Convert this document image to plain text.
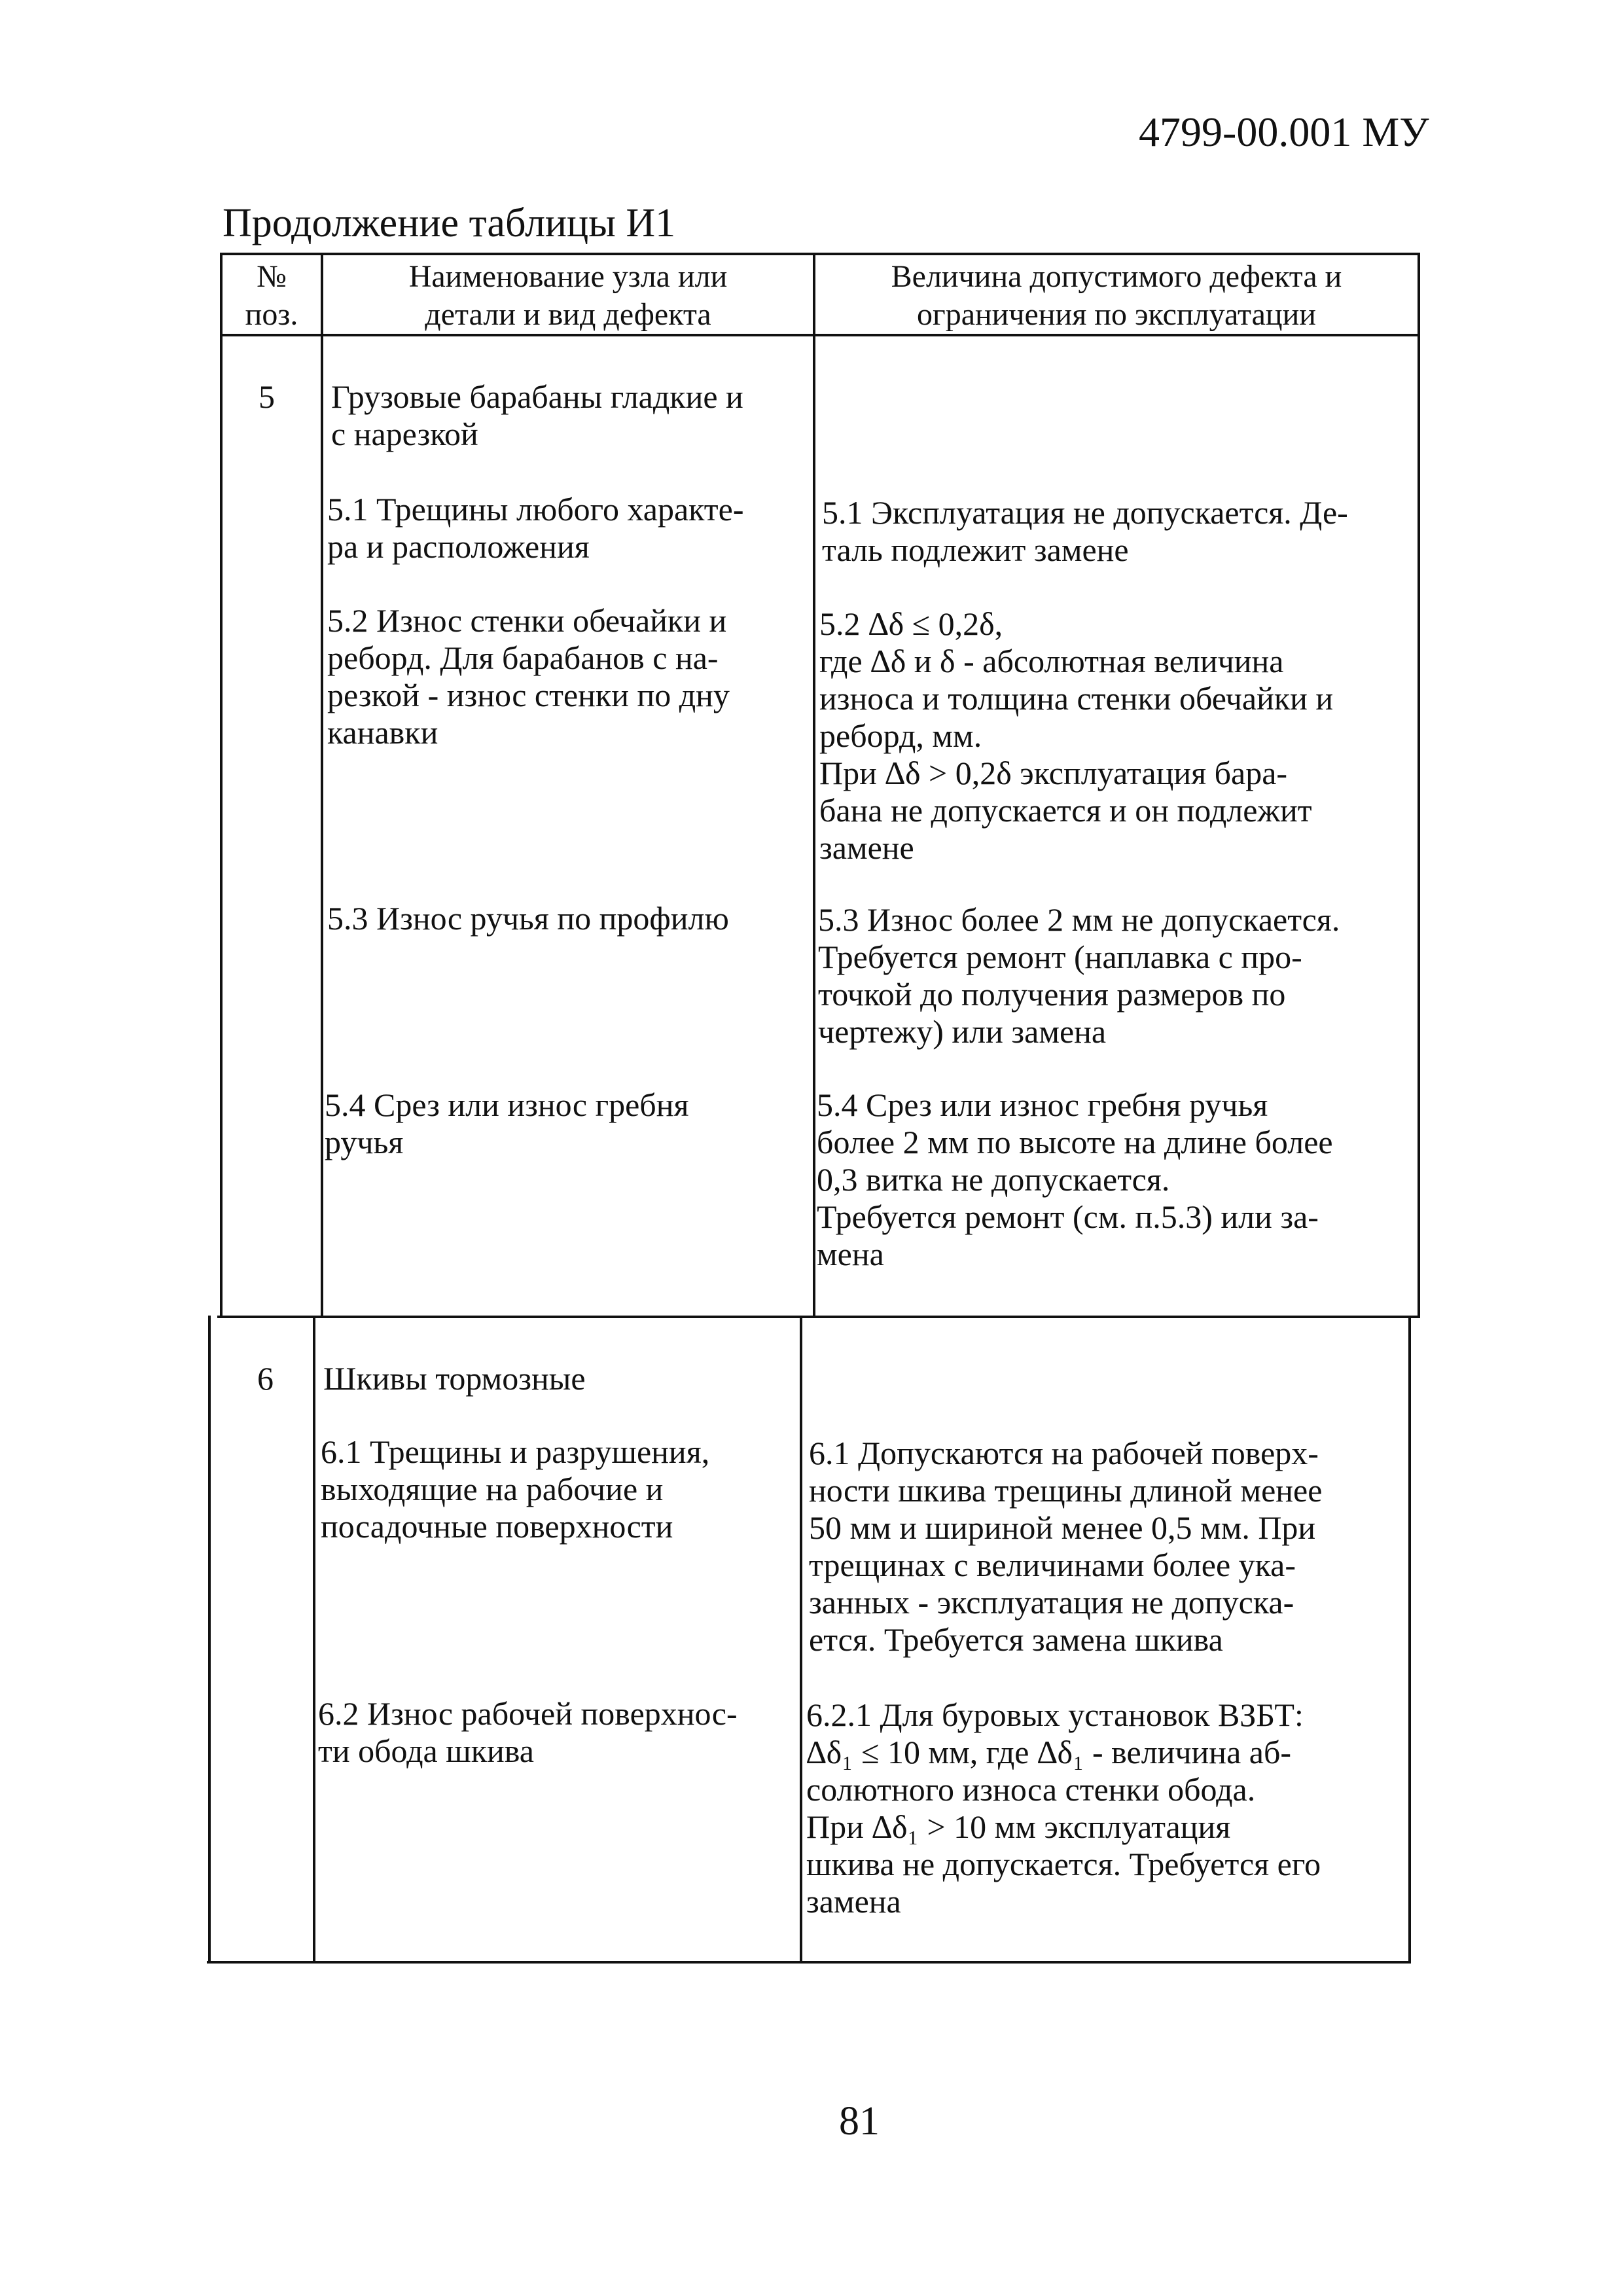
4799-00.001 МУ
Продолжение таблицы И1
№
поз.
Наименование узла или
детали и вид дефекта
Величина допустимого дефекта и
ограничения по эксплуатации
5 Грузовые барабаны гладкие и
с нарезкой
5.1 Трещины любого характе-
ра и расположения
5.1 Эксплуатация не допускается. Де-
таль подлежит замене
5.2 Износ стенки обечайки и
реборд. Для барабанов с на-
резкой - износ стенки по дну
канавки
5.2 ∆δ ≤ 0,2δ,
где ∆δ и δ - абсолютная величина
износа и толщина стенки обечайки и
реборд, мм.
При ∆δ > 0,2δ эксплуатация бара-
бана не допускается и он подлежит
замене
5.3 Износ ручья по профилю	5.3 Износ более 2 мм не допускается.
Требуется ремонт (наплавка с про-
точкой до получения размеров по
чертежу) или замена
5.4 Срез или износ гребня
ручья
5.4 Срез или износ гребня ручья
более 2 мм по высоте на длине более
0,3 витка не допускается.
Требуется ремонт (см. п.5.3) или за-
мена
6 Шкивы тормозные
6.1 Трещины и разрушения,
выходящие на рабочие и
посадочные поверхности
6.1 Допускаются на рабочей поверх-
ности шкива трещины длиной менее
50 мм и шириной менее 0,5 мм. При
трещинах с величинами более ука-
занных - эксплуатация не допуска-
ется. Требуется замена шкива
6.2 Износ рабочей поверхнос-
ти обода шкива
6.2.1 Для буровых установок ВЗБТ:
∆δ₁ ≤ 10 мм, где ∆δ₁ - величина аб-
солютного износа стенки обода.
При ∆δ₁ > 10 мм эксплуатация
шкива не допускается. Требуется его
замена
81
